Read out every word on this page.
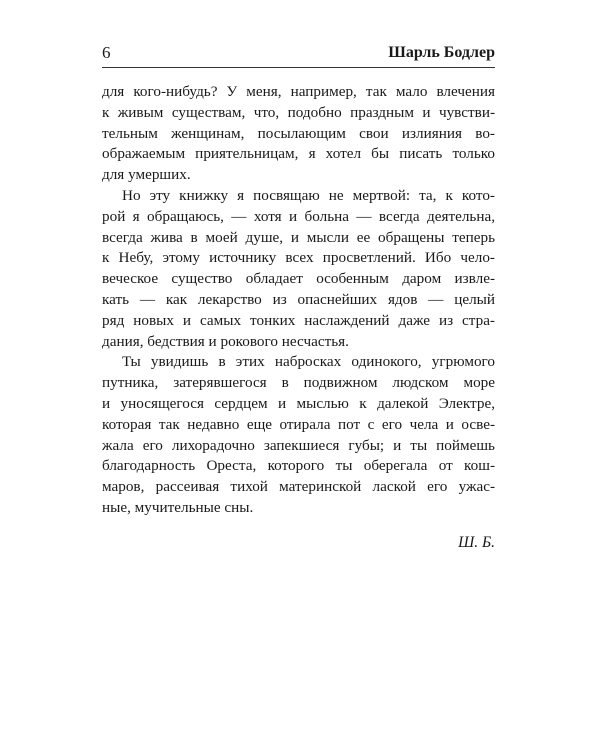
6	Шарль Бодлер
для кого-нибудь? У меня, например, так мало влечения
к живым существам, что, подобно праздным и чувстви-
тельным женщинам, посылающим свои излияния во-
ображаемым приятельницам, я хотел бы писать только
для умерших.
Но эту книжку я посвящаю не мертвой: та, к кото-
рой я обращаюсь, — хотя и больна — всегда деятельна,
всегда жива в моей душе, и мысли ее обращены теперь
к Небу, этому источнику всех просветлений. Ибо чело-
веческое существо обладает особенным даром извле-
кать — как лекарство из опаснейших ядов — целый
ряд новых и самых тонких наслаждений даже из стра-
дания, бедствия и рокового несчастья.
Ты увидишь в этих набросках одинокого, угрюмого
путника, затерявшегося в подвижном людском море
и уносящегося сердцем и мыслью к далекой Электре,
которая так недавно еще отирала пот с его чела и осве-
жала его лихорадочно запекшиеся губы; и ты поймешь
благодарность Ореста, которого ты оберегала от кош-
маров, рассеивая тихой материнской лаской его ужас-
ные, мучительные сны.
Ш. Б.
